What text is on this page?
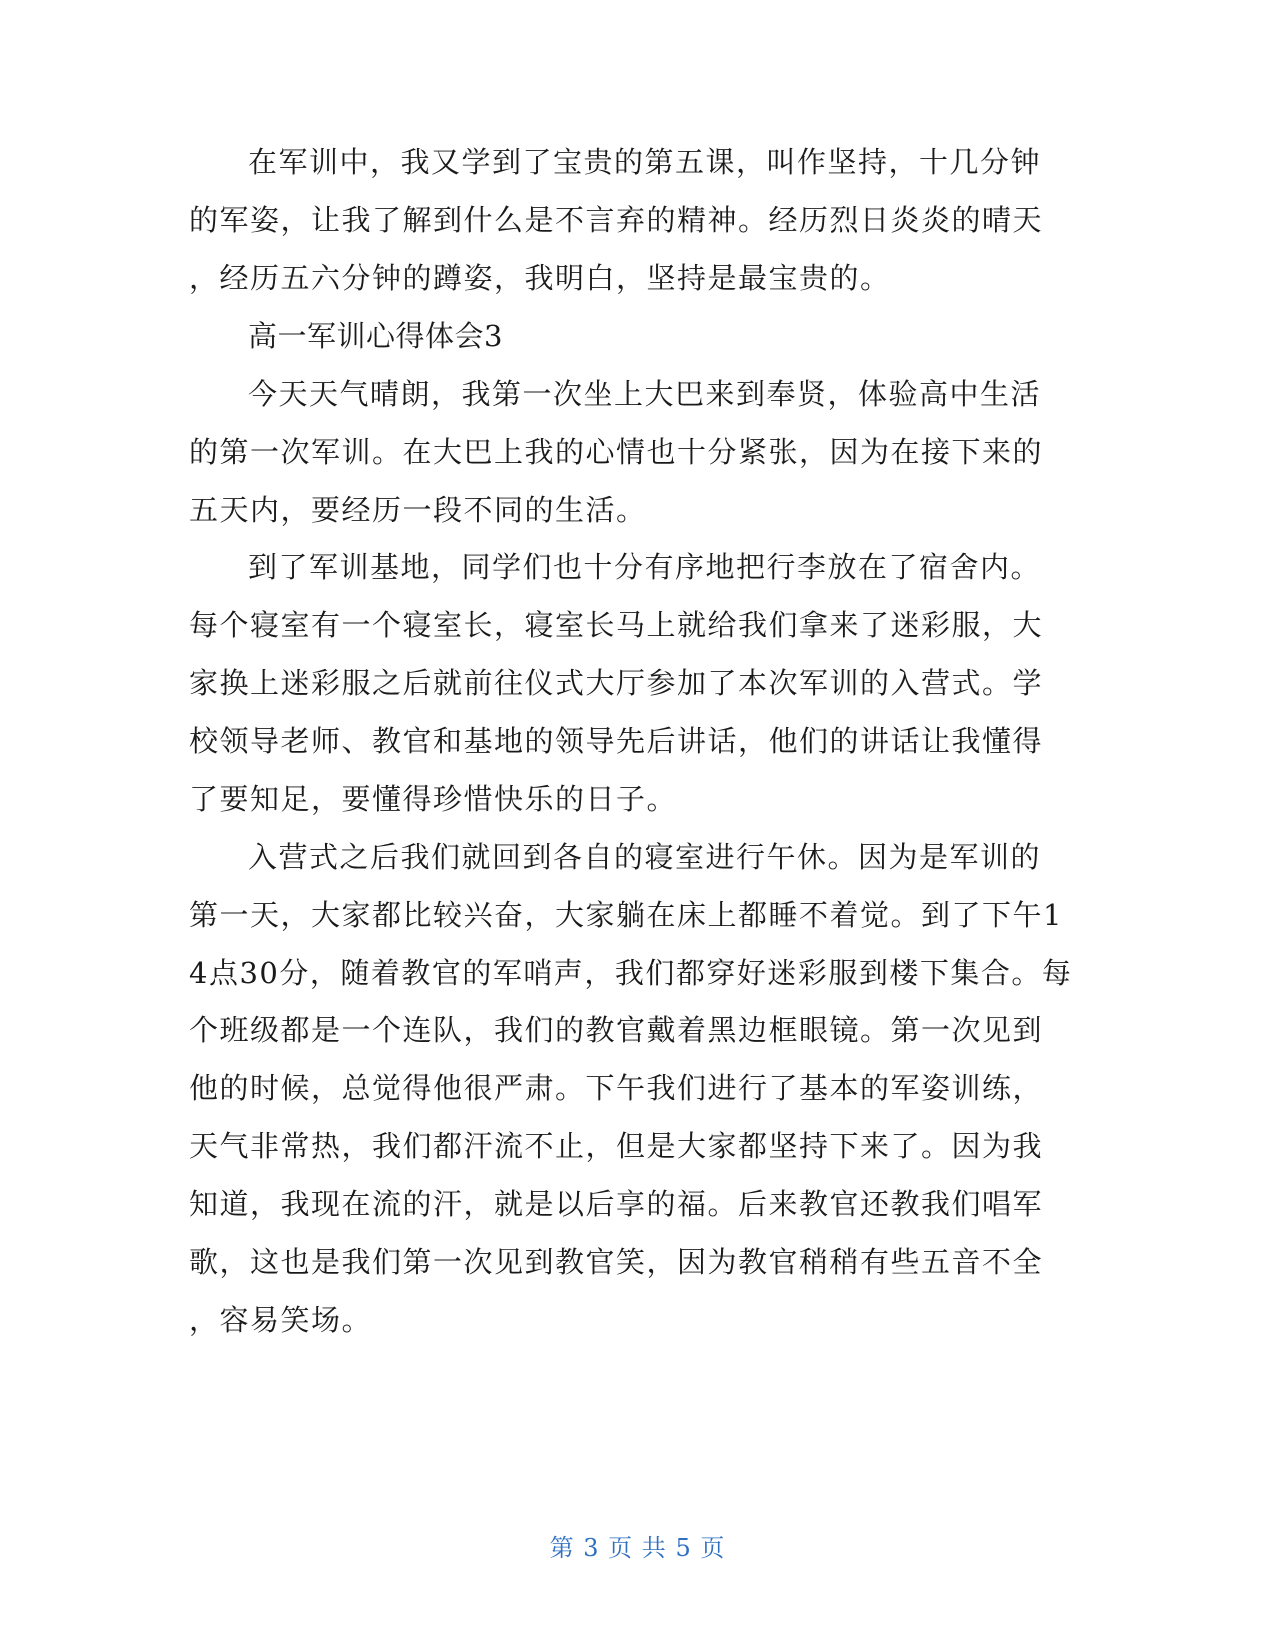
在军训中，我又学到了宝贵的第五课，叫作坚持，十几分钟
的军姿，让我了解到什么是不言弃的精神。经历烈日炎炎的晴天
，经历五六分钟的蹲姿，我明白，坚持是最宝贵的。
高一军训心得体会3
今天天气晴朗，我第一次坐上大巴来到奉贤，体验高中生活
的第一次军训。在大巴上我的心情也十分紧张，因为在接下来的
五天内，要经历一段不同的生活。
到了军训基地，同学们也十分有序地把行李放在了宿舍内。
每个寝室有一个寝室长，寝室长马上就给我们拿来了迷彩服，大
家换上迷彩服之后就前往仪式大厅参加了本次军训的入营式。学
校领导老师、教官和基地的领导先后讲话，他们的讲话让我懂得
了要知足，要懂得珍惜快乐的日子。
入营式之后我们就回到各自的寝室进行午休。因为是军训的
第一天，大家都比较兴奋，大家躺在床上都睡不着觉。到了下午1
4点30分，随着教官的军哨声，我们都穿好迷彩服到楼下集合。每
个班级都是一个连队，我们的教官戴着黑边框眼镜。第一次见到
他的时候，总觉得他很严肃。下午我们进行了基本的军姿训练，
天气非常热，我们都汗流不止，但是大家都坚持下来了。因为我
知道，我现在流的汗，就是以后享的福。后来教官还教我们唱军
歌，这也是我们第一次见到教官笑，因为教官稍稍有些五音不全
，容易笑场。
第 3 页 共 5 页
